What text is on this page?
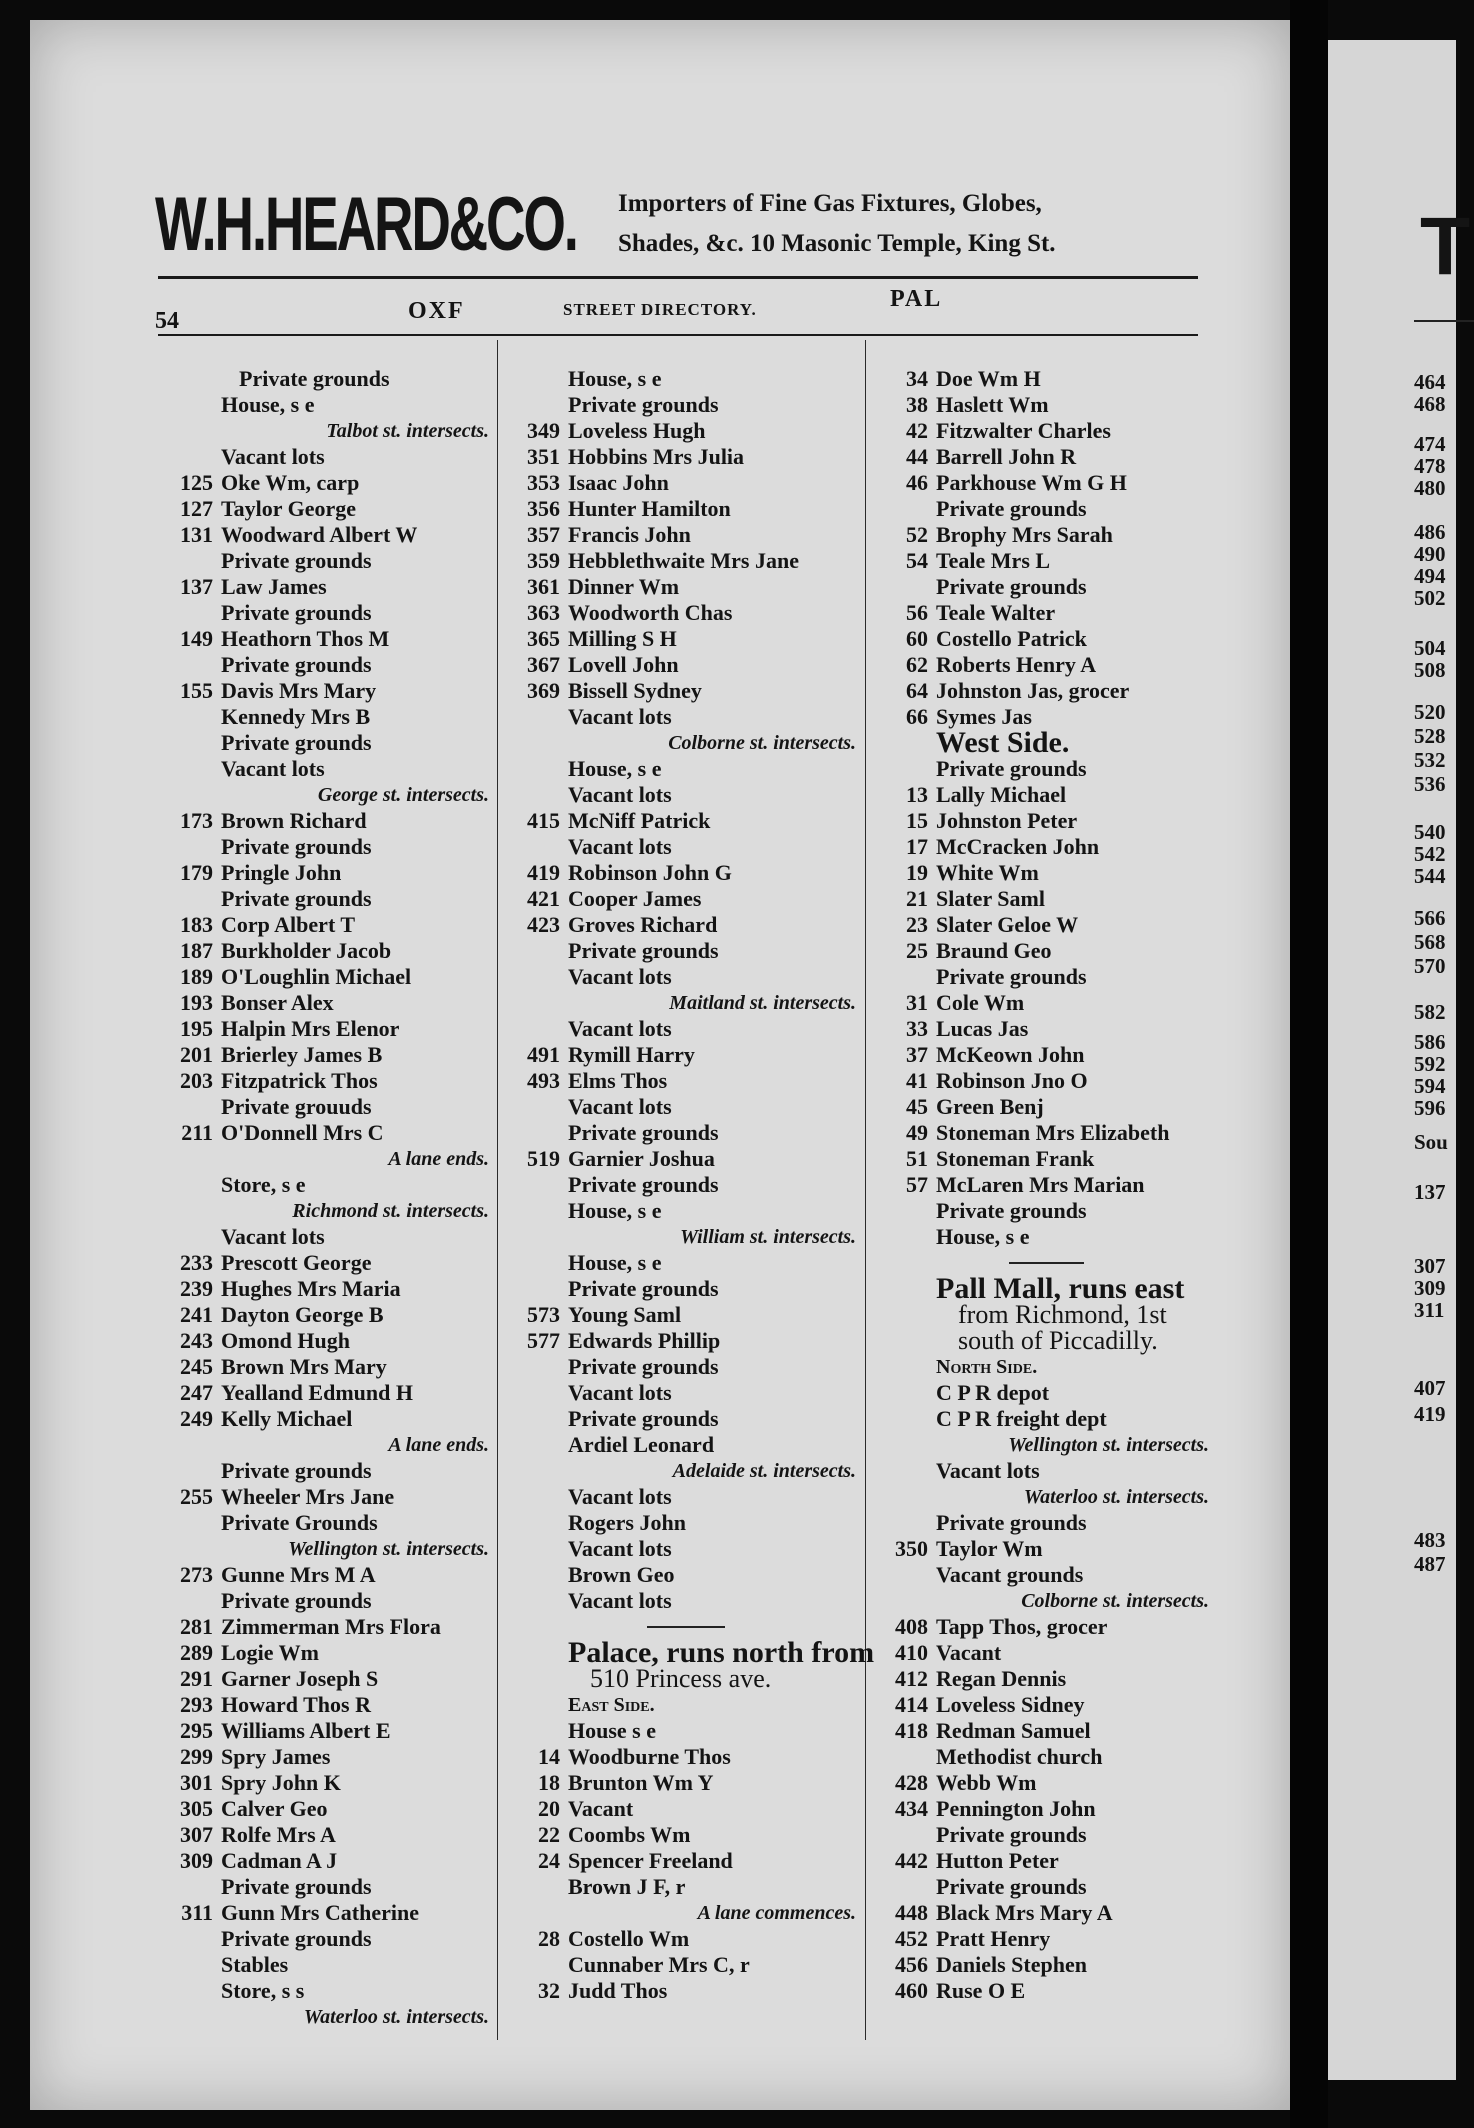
T
464
468
474
478
480
486
490
494
502
504
508
520
528
532
536
540
542
544
566
568
570
582
586
592
594
596
Sou
137
307
309
311
407
419
483
487
W.H.HEARD&CO. Importers of Fine Gas Fixtures, Globes,
Shades, &c. 10 Masonic Temple, King St.
54	OXF	STREET DIRECTORY.	PAL
Private grounds
House, s e
Talbot st. intersects.
Vacant lots
125 Oke Wm, carp
127 Taylor George
131 Woodward Albert W
Private grounds
137 Law James
Private grounds
149 Heathorn Thos M
Private grounds
155 Davis Mrs Mary
Kennedy Mrs B
Private grounds
Vacant lots
George st. intersects.
173 Brown Richard
Private grounds
179 Pringle John
Private grounds
183 Corp Albert T
187 Burkholder Jacob
189 O'Loughlin Michael
193 Bonser Alex
195 Halpin Mrs Elenor
201 Brierley James B
203 Fitzpatrick Thos
Private grouuds
211 O'Donnell Mrs C
A lane ends.
Store, s e
Richmond st. intersects.
Vacant lots
233 Prescott George
239 Hughes Mrs Maria
241 Dayton George B
243 Omond Hugh
245 Brown Mrs Mary
247 Yealland Edmund H
249 Kelly Michael
A lane ends.
Private grounds
255 Wheeler Mrs Jane
Private Grounds
Wellington st. intersects.
273 Gunne Mrs M A
Private grounds
281 Zimmerman Mrs Flora
289 Logie Wm
291 Garner Joseph S
293 Howard Thos R
295 Williams Albert E
299 Spry James
301 Spry John K
305 Calver Geo
307 Rolfe Mrs A
309 Cadman A J
Private grounds
311 Gunn Mrs Catherine
Private grounds
Stables
Store, s s
Waterloo st. intersects.
House, s e
Private grounds
349 Loveless Hugh
351 Hobbins Mrs Julia
353 Isaac John
356 Hunter Hamilton
357 Francis John
359 Hebblethwaite Mrs Jane
361 Dinner Wm
363 Woodworth Chas
365 Milling S H
367 Lovell John
369 Bissell Sydney
Vacant lots
Colborne st. intersects.
House, s e
Vacant lots
415 McNiff Patrick
Vacant lots
419 Robinson John G
421 Cooper James
423 Groves Richard
Private grounds
Vacant lots
Maitland st. intersects.
Vacant lots
491 Rymill Harry
493 Elms Thos
Vacant lots
Private grounds
519 Garnier Joshua
Private grounds
House, s e
William st. intersects.
House, s e
Private grounds
573 Young Saml
577 Edwards Phillip
Private grounds
Vacant lots
Private grounds
Ardiel Leonard
Adelaide st. intersects.
Vacant lots
Rogers John
Vacant lots
Brown Geo
Vacant lots
Palace, runs north from
510 Princess ave.
East Side.
House s e
14 Woodburne Thos
18 Brunton Wm Y
20 Vacant
22 Coombs Wm
24 Spencer Freeland
Brown J F, r
A lane commences.
28 Costello Wm
Cunnaber Mrs C, r
32 Judd Thos
34 Doe Wm H
38 Haslett Wm
42 Fitzwalter Charles
44 Barrell John R
46 Parkhouse Wm G H
Private grounds
52 Brophy Mrs Sarah
54 Teale Mrs L
Private grounds
56 Teale Walter
60 Costello Patrick
62 Roberts Henry A
64 Johnston Jas, grocer
66 Symes Jas
West Side.
Private grounds
13 Lally Michael
15 Johnston Peter
17 McCracken John
19 White Wm
21 Slater Saml
23 Slater Geloe W
25 Braund Geo
Private grounds
31 Cole Wm
33 Lucas Jas
37 McKeown John
41 Robinson Jno O
45 Green Benj
49 Stoneman Mrs Elizabeth
51 Stoneman Frank
57 McLaren Mrs Marian
Private grounds
House, s e
Pall Mall, runs east
from Richmond, 1st
south of Piccadilly.
North Side.
C P R depot
C P R freight dept
Wellington st. intersects.
Vacant lots
Waterloo st. intersects.
Private grounds
350 Taylor Wm
Vacant grounds
Colborne st. intersects.
408 Tapp Thos, grocer
410 Vacant
412 Regan Dennis
414 Loveless Sidney
418 Redman Samuel
Methodist church
428 Webb Wm
434 Pennington John
Private grounds
442 Hutton Peter
Private grounds
448 Black Mrs Mary A
452 Pratt Henry
456 Daniels Stephen
460 Ruse O E
